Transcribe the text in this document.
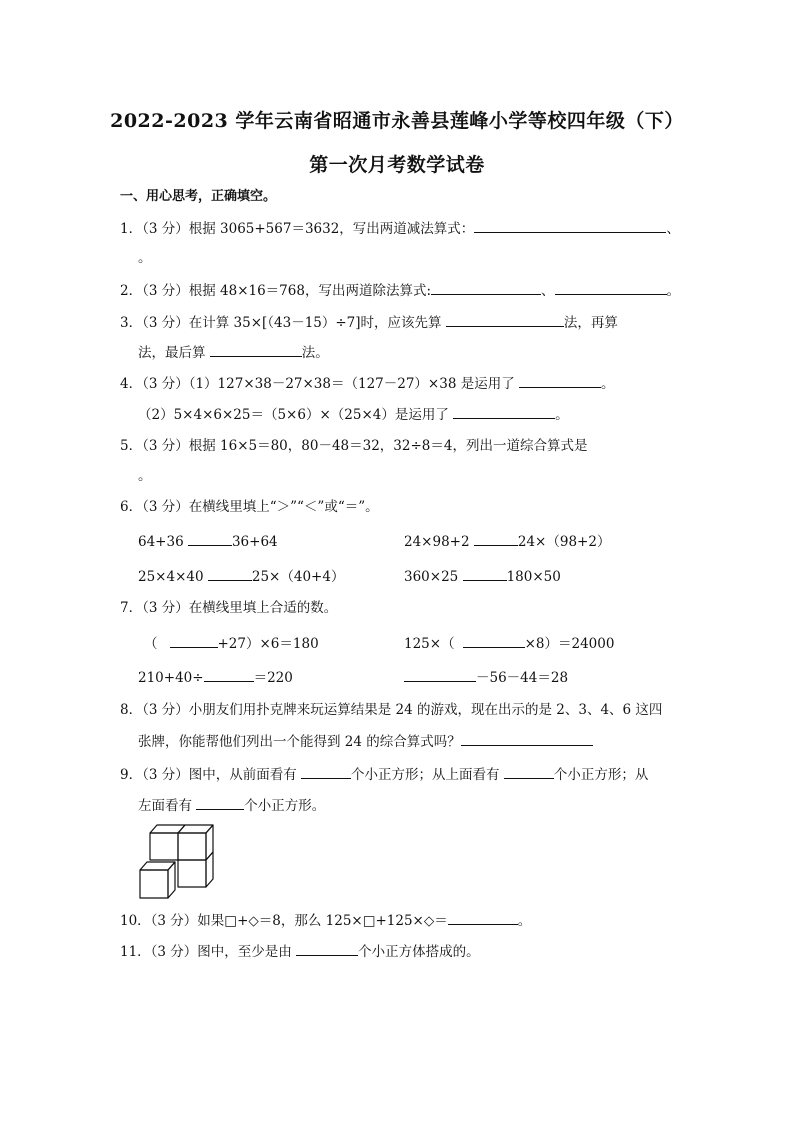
2022-2023 学年云南省昭通市永善县莲峰小学等校四年级（下）
第一次月考数学试卷
一、用心思考，正确填空。
1．（3 分）根据 3065+567＝3632，写出两道减法算式：	、
。
2．（3 分）根据 48×16＝768，写出两道除法算式:	、	。
3．（3 分）在计算 35×[（43－15）÷7]时，应该先算	法，再算
法，最后算	法。
4．（3 分）（1）127×38－27×38＝（127－27）×38 是运用了	。
（2）5×4×6×25＝（5×6）×（25×4）是运用了	。
5．（3 分）根据 16×5＝80，80－48＝32，32÷8＝4，列出一道综合算式是
。
6．（3 分）在横线里填上“＞”“＜”或“＝”。
64+36	36+64	24×98+2	24×（98+2）
25×4×40	25×（40+4）	360×25	180×50
7．（3 分）在横线里填上合适的数。
（	+27）×6＝180	125×（	×8）＝24000
210+40÷	＝220	－56－44＝28
8．（3 分）小朋友们用扑克牌来玩运算结果是 24 的游戏，现在出示的是 2、3、4、6 这四
张牌，你能帮他们列出一个能得到 24 的综合算式吗？
9．（3 分）图中，从前面看有	个小正方形；从上面看有	个小正方形；从
左面看有	个小正方形。
10．（3 分）如果□+◇＝8，那么 125×□+125×◇＝	。
11．（3 分）图中，至少是由	个小正方体搭成的。
